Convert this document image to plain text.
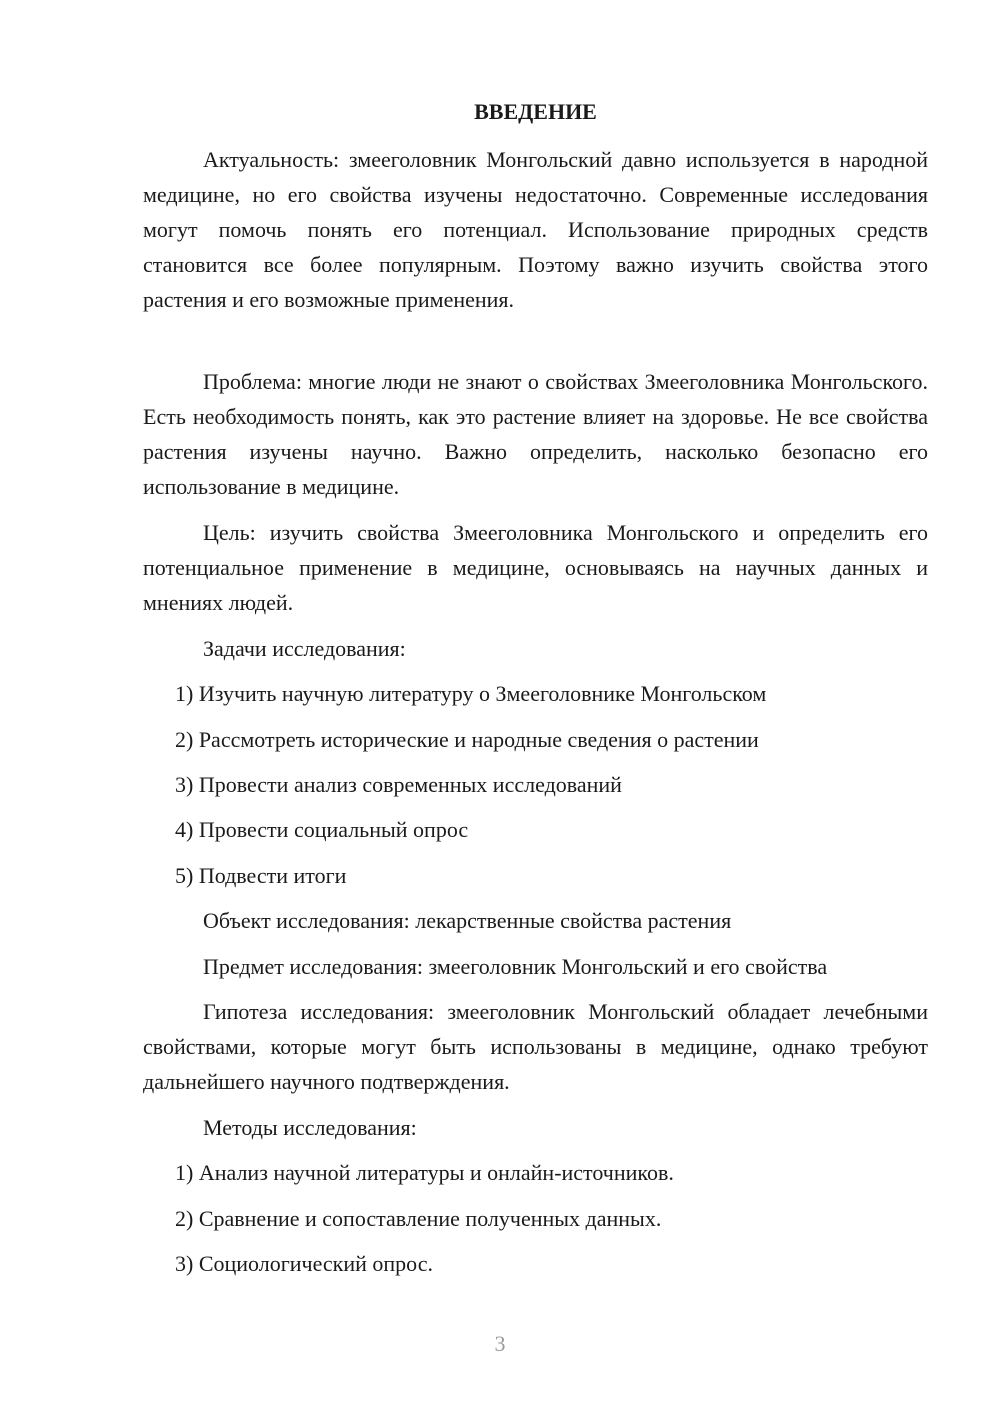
ВВЕДЕНИЕ

Актуальность: змееголовник Монгольский давно используется в народной медицине, но его свойства изучены недостаточно. Современные исследования могут помочь понять его потенциал. Использование природных средств становится все более популярным. Поэтому важно изучить свойства этого растения и его возможные применения.

Проблема: многие люди не знают о свойствах Змееголовника Монгольского. Есть необходимость понять, как это растение влияет на здоровье. Не все свойства растения изучены научно. Важно определить, насколько безопасно его использование в медицине.

Цель: изучить свойства Змееголовника Монгольского и определить его потенциальное применение в медицине, основываясь на научных данных и мнениях людей.

Задачи исследования:

1) Изучить научную литературу о Змееголовнике Монгольском

2) Рассмотреть исторические и народные сведения о растении

3) Провести анализ современных исследований

4) Провести социальный опрос

5) Подвести итоги

Объект исследования: лекарственные свойства растения

Предмет исследования: змееголовник Монгольский и его свойства

Гипотеза исследования: змееголовник Монгольский обладает лечебными свойствами, которые могут быть использованы в медицине, однако требуют дальнейшего научного подтверждения.

Методы исследования:

1) Анализ научной литературы и онлайн-источников.

2) Сравнение и сопоставление полученных данных.

3) Социологический опрос.

3
